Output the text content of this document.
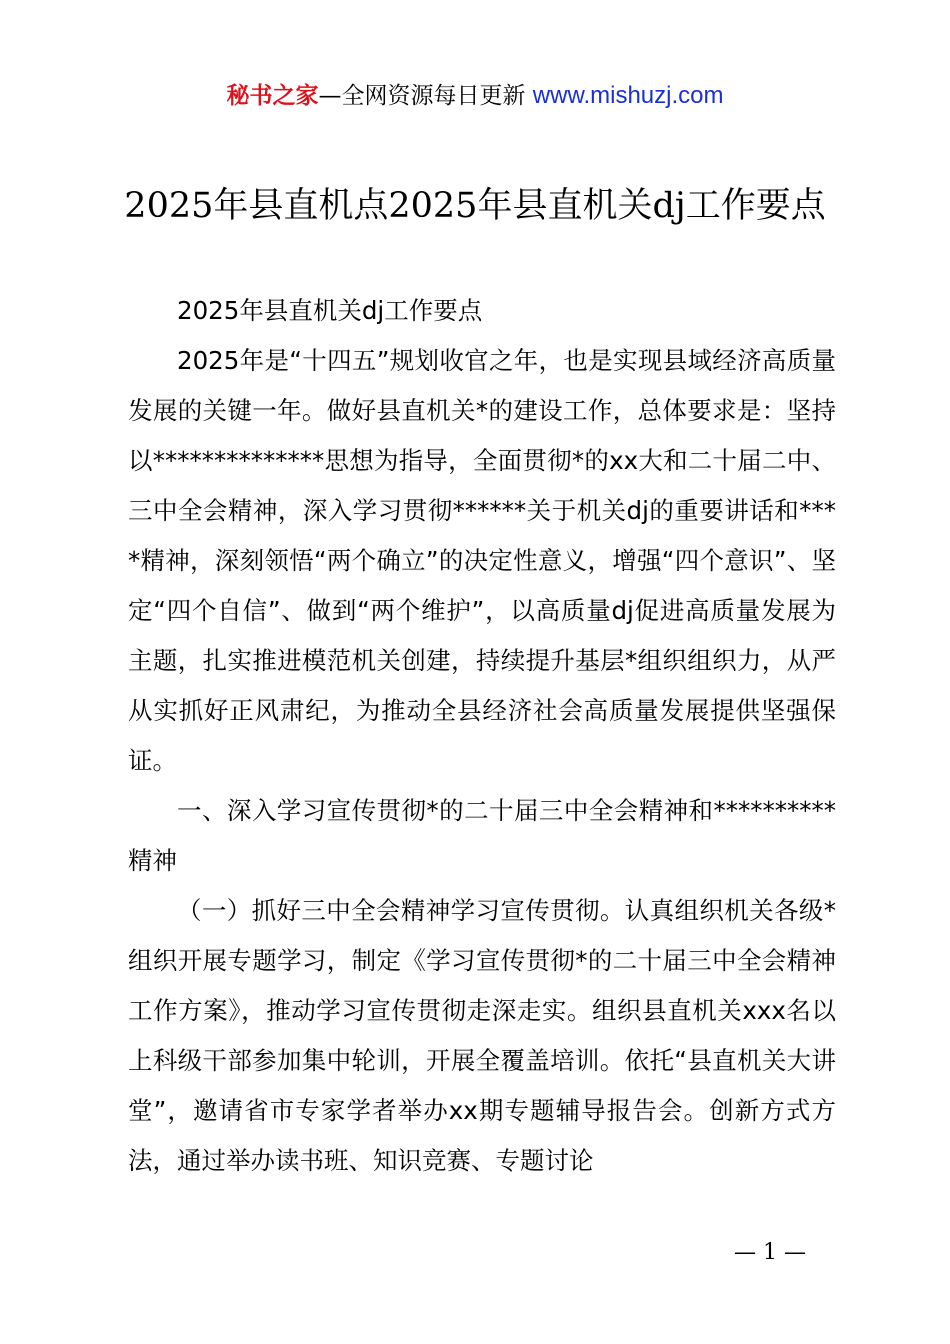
秘书之家—全网资源每日更新 www.mishuzj.com
2025年县直机点2025年县直机关dj工作要点

2025年县直机关dj工作要点

2025年是“十四五”规划收官之年，也是实现县域经济高质量发展的关键一年。做好县直机关*的建设工作，总体要求是：坚持以**************思想为指导，全面贯彻*的xx大和二十届二中、三中全会精神，深入学习贯彻******关于机关dj的重要讲话和****精神，深刻领悟“两个确立”的决定性意义，增强“四个意识”、坚定“四个自信”、做到“两个维护”，以高质量dj促进高质量发展为主题，扎实推进模范机关创建，持续提升基层*组织组织力，从严从实抓好正风肃纪，为推动全县经济社会高质量发展提供坚强保证。

一、深入学习宣传贯彻*的二十届三中全会精神和**********精神

（一）抓好三中全会精神学习宣传贯彻。认真组织机关各级*组织开展专题学习，制定《学习宣传贯彻*的二十届三中全会精神工作方案》，推动学习宣传贯彻走深走实。组织县直机关xxx名以上科级干部参加集中轮训，开展全覆盖培训。依托“县直机关大讲堂”，邀请省市专家学者举办xx期专题辅导报告会。创新方式方法，通过举办读书班、知识竞赛、专题讨论

— 1 —
